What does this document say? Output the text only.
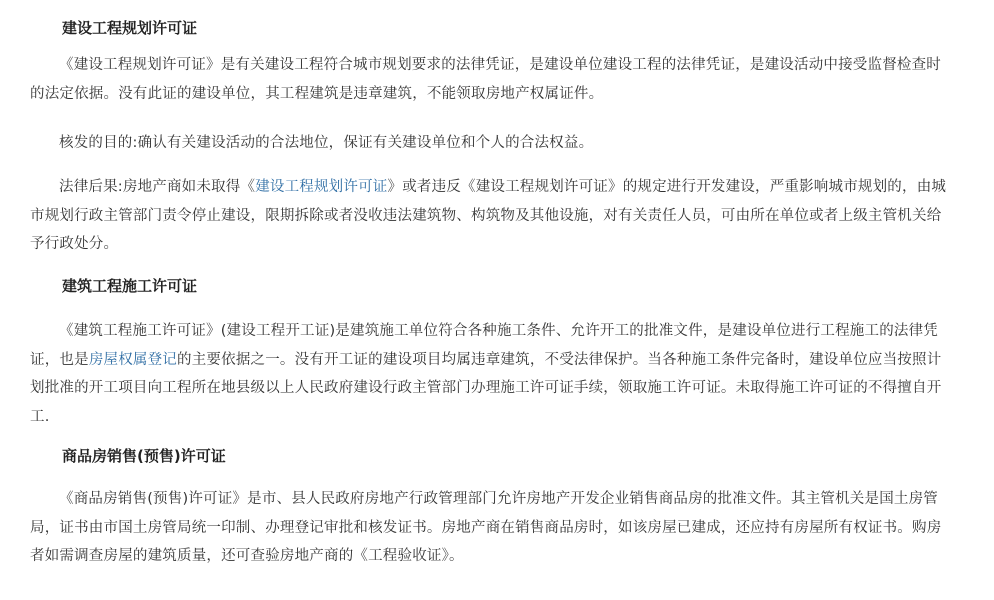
建设工程规划许可证

《建设工程规划许可证》是有关建设工程符合城市规划要求的法律凭证，是建设单位建设工程的法律凭证，是建设活动中接受监督检查时的法定依据。没有此证的建设单位，其工程建筑是违章建筑，不能领取房地产权属证件。

核发的目的:确认有关建设活动的合法地位，保证有关建设单位和个人的合法权益。

法律后果:房地产商如未取得《建设工程规划许可证》或者违反《建设工程规划许可证》的规定进行开发建设，严重影响城市规划的，由城市规划行政主管部门责令停止建设，限期拆除或者没收违法建筑物、构筑物及其他设施，对有关责任人员，可由所在单位或者上级主管机关给予行政处分。

建筑工程施工许可证

《建筑工程施工许可证》(建设工程开工证)是建筑施工单位符合各种施工条件、允许开工的批准文件，是建设单位进行工程施工的法律凭证，也是房屋权属登记的主要依据之一。没有开工证的建设项目均属违章建筑，不受法律保护。当各种施工条件完备时，建设单位应当按照计划批准的开工项目向工程所在地县级以上人民政府建设行政主管部门办理施工许可证手续，领取施工许可证。未取得施工许可证的不得擅自开工.

商品房销售(预售)许可证

《商品房销售(预售)许可证》是市、县人民政府房地产行政管理部门允许房地产开发企业销售商品房的批准文件。其主管机关是国土房管局，证书由市国土房管局统一印制、办理登记审批和核发证书。房地产商在销售商品房时，如该房屋已建成，还应持有房屋所有权证书。购房者如需调查房屋的建筑质量，还可查验房地产商的《工程验收证》。
